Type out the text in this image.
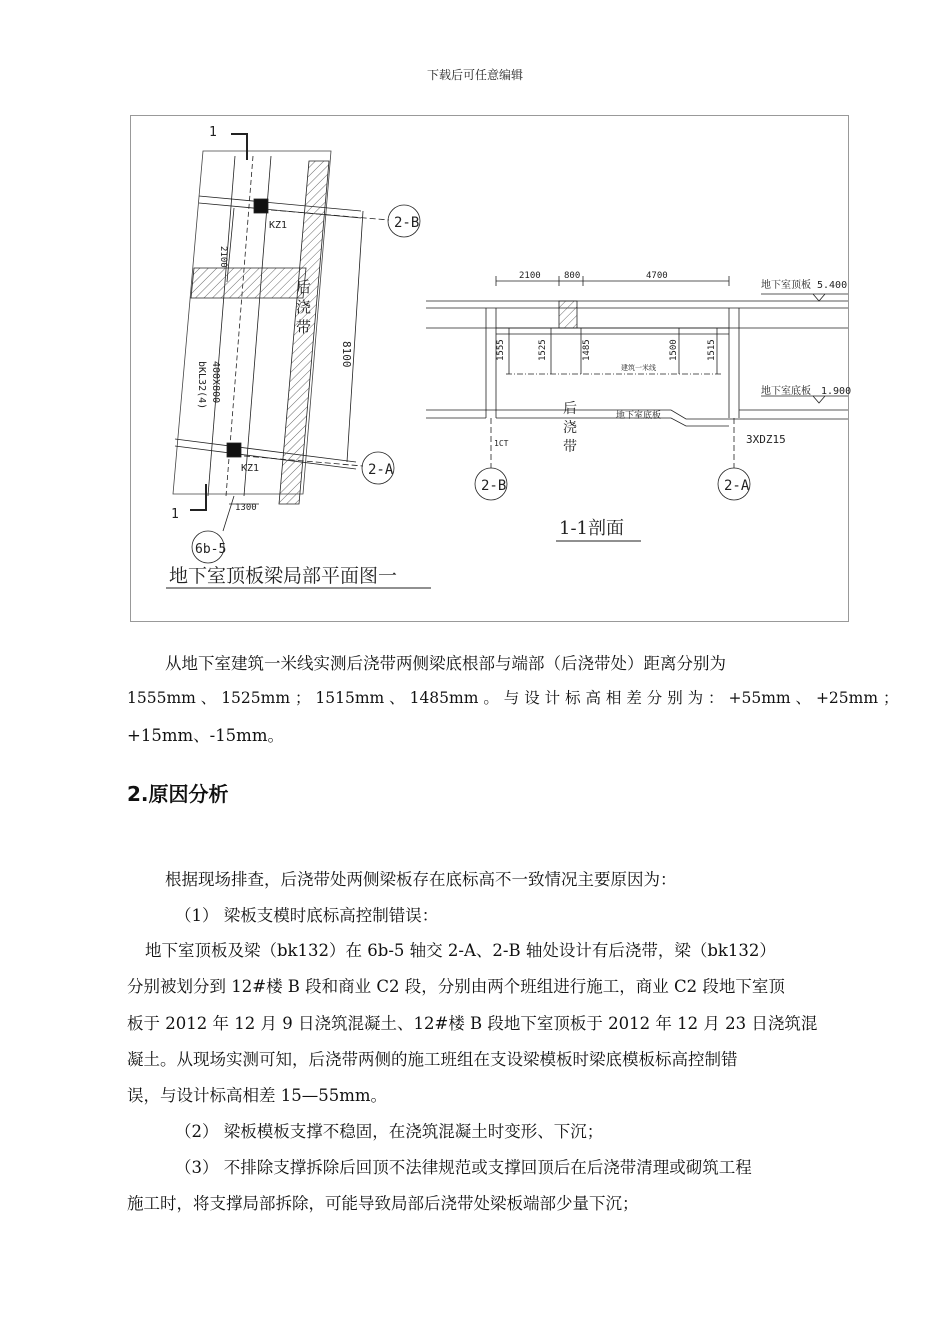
下载后可任意编辑
1
1
KZ1
KZ1
2100
8100
1300
bKL32(4) 400X800
2-B
2-A
6b-5
后
浇
带
地下室顶板梁局部平面图一
2100	800	4700
地下室顶板 5.400
地下室底板 1.900
地下室底板
1555	1525	1485	1500	1515
建筑一米线
1CT	3XDZ15
2-B	2-A
后
浇
带
1-1剖面
从地下室建筑一米线实测后浇带两侧梁底根部与端部（后浇带处）距离分别为
1555mm 、 1525mm ； 1515mm 、 1485mm 。 与 设 计 标 高 相 差 分 别 为 ： +55mm 、 +25mm ；
+15mm、-15mm。
2.原因分析
根据现场排查，后浇带处两侧梁板存在底标高不一致情况主要原因为：
（1） 梁板支模时底标高控制错误：
地下室顶板及梁（bk132）在 6b-5 轴交 2-A、2-B 轴处设计有后浇带，梁（bk132）
分别被划分到 12#楼 B 段和商业 C2 段，分别由两个班组进行施工，商业 C2 段地下室顶
板于 2012 年 12 月 9 日浇筑混凝土、12#楼 B 段地下室顶板于 2012 年 12 月 23 日浇筑混
凝土。从现场实测可知，后浇带两侧的施工班组在支设梁模板时梁底模板标高控制错
误，与设计标高相差 15—55mm。
（2） 梁板模板支撑不稳固，在浇筑混凝土时变形、下沉；
（3） 不排除支撑拆除后回顶不法律规范或支撑回顶后在后浇带清理或砌筑工程
施工时，将支撑局部拆除，可能导致局部后浇带处梁板端部少量下沉；
